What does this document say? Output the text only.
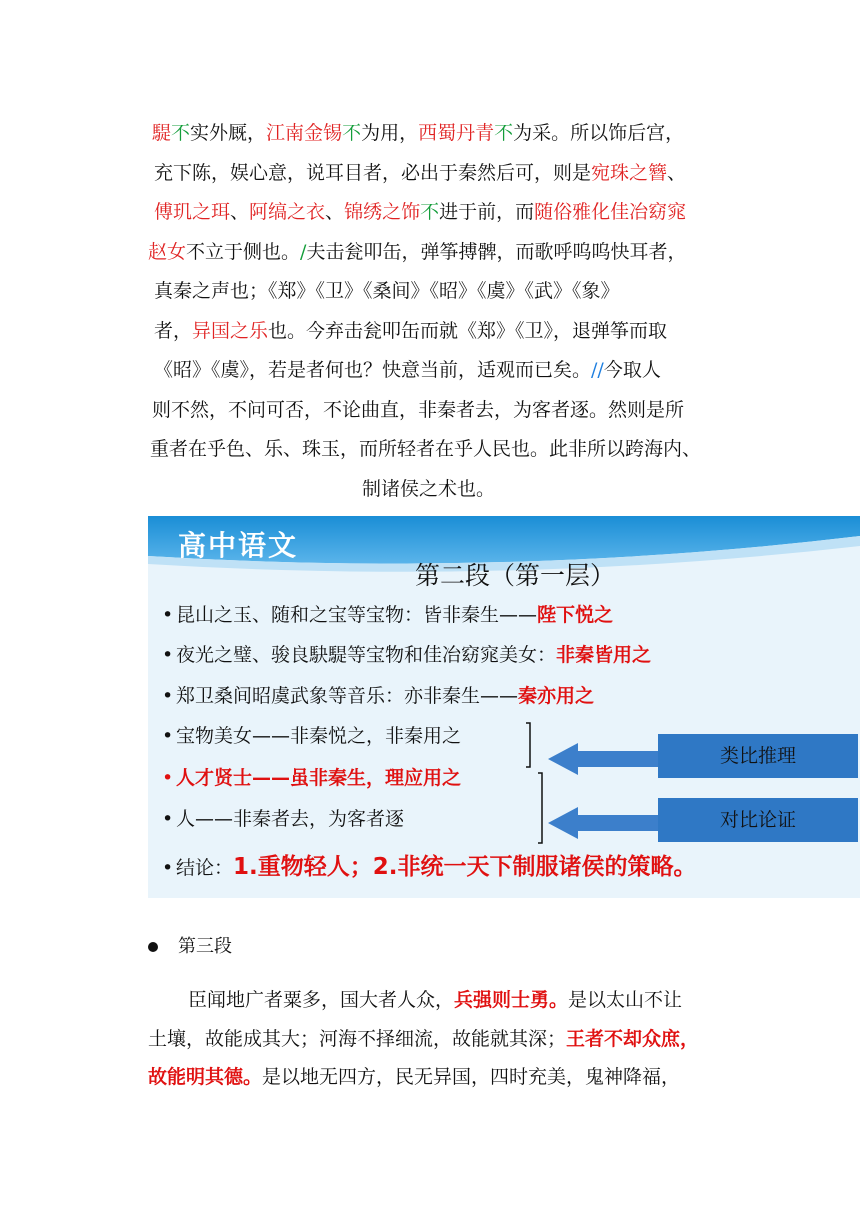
騠不实外厩，江南金锡不为用，西蜀丹青不为采。所以饰后宫，
充下陈，娱心意，说耳目者，必出于秦然后可，则是宛珠之簪、
傅玑之珥、阿缟之衣、锦绣之饰不进于前，而随俗雅化佳冶窈窕
赵女不立于侧也。/夫击瓮叩缶，弹筝搏髀，而歌呼呜呜快耳者，
真秦之声也；《郑》《卫》《桑间》《昭》《虞》《武》《象》
者，异国之乐也。今弃击瓮叩缶而就《郑》《卫》，退弹筝而取
《昭》《虞》，若是者何也？快意当前，适观而已矣。//今取人
则不然，不问可否，不论曲直，非秦者去，为客者逐。然则是所
重者在乎色、乐、珠玉，而所轻者在乎人民也。此非所以跨海内、
制诸侯之术也。
高中语文
第二段（第一层）
• 昆山之玉、随和之宝等宝物：皆非秦生——陛下悦之
• 夜光之璧、骏良駃騠等宝物和佳冶窈窕美女：非秦皆用之
• 郑卫桑间昭虞武象等音乐：亦非秦生——秦亦用之
• 宝物美女——非秦悦之，非秦用之
• 人才贤士——虽非秦生，理应用之
• 人——非秦者去，为客者逐
• 结论：1.重物轻人；2.非统一天下制服诸侯的策略。
类比推理
对比论证
第三段
臣闻地广者粟多，国大者人众，兵强则士勇。是以太山不让
土壤，故能成其大；河海不择细流，故能就其深；王者不却众庶，
故能明其德。是以地无四方，民无异国，四时充美，鬼神降福，
